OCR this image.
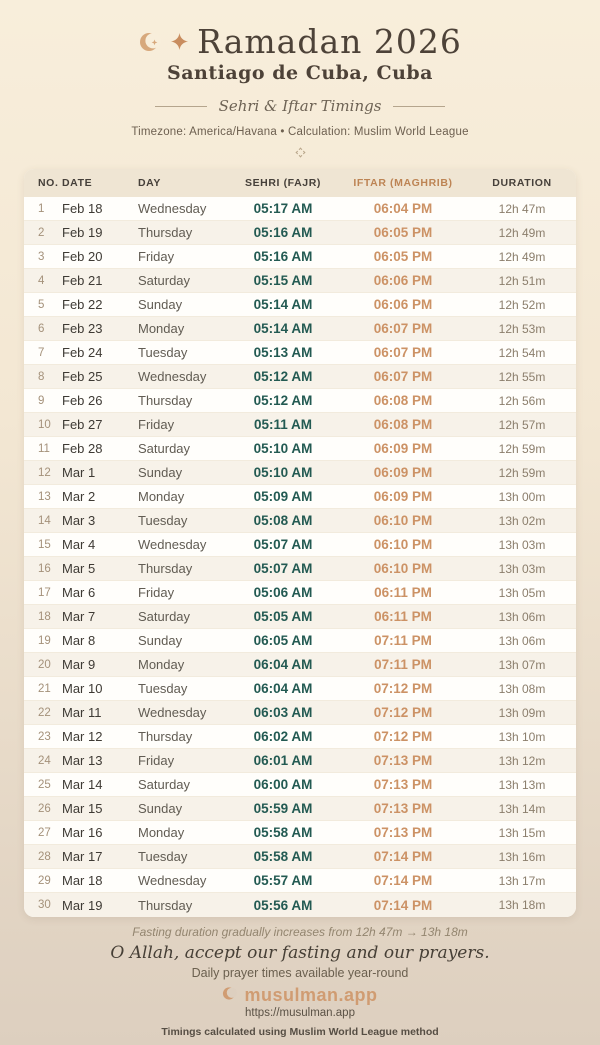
Ramadan 2026
Santiago de Cuba, Cuba
Sehri & Iftar Timings
Timezone: America/Havana • Calculation: Muslim World League
NO. DATE	DAY	SEHRI (FAJR)	IFTAR (MAGHRIB)	DURATION
1	Feb 18	Wednesday	05:17 AM	06:04 PM	12h 47m
2	Feb 19	Thursday	05:16 AM	06:05 PM	12h 49m
3	Feb 20	Friday	05:16 AM	06:05 PM	12h 49m
4	Feb 21	Saturday	05:15 AM	06:06 PM	12h 51m
5	Feb 22	Sunday	05:14 AM	06:06 PM	12h 52m
6	Feb 23	Monday	05:14 AM	06:07 PM	12h 53m
7	Feb 24	Tuesday	05:13 AM	06:07 PM	12h 54m
8	Feb 25	Wednesday	05:12 AM	06:07 PM	12h 55m
9	Feb 26	Thursday	05:12 AM	06:08 PM	12h 56m
10 Feb 27	Friday	05:11 AM	06:08 PM	12h 57m
11 Feb 28	Saturday	05:10 AM	06:09 PM	12h 59m
12 Mar 1	Sunday	05:10 AM	06:09 PM	12h 59m
13 Mar 2	Monday	05:09 AM	06:09 PM	13h 00m
14 Mar 3	Tuesday	05:08 AM	06:10 PM	13h 02m
15 Mar 4	Wednesday	05:07 AM	06:10 PM	13h 03m
16 Mar 5	Thursday	05:07 AM	06:10 PM	13h 03m
17 Mar 6	Friday	05:06 AM	06:11 PM	13h 05m
18 Mar 7	Saturday	05:05 AM	06:11 PM	13h 06m
19 Mar 8	Sunday	06:05 AM	07:11 PM	13h 06m
20 Mar 9	Monday	06:04 AM	07:11 PM	13h 07m
21 Mar 10	Tuesday	06:04 AM	07:12 PM	13h 08m
22 Mar 11	Wednesday	06:03 AM	07:12 PM	13h 09m
23 Mar 12	Thursday	06:02 AM	07:12 PM	13h 10m
24 Mar 13	Friday	06:01 AM	07:13 PM	13h 12m
25 Mar 14	Saturday	06:00 AM	07:13 PM	13h 13m
26 Mar 15	Sunday	05:59 AM	07:13 PM	13h 14m
27 Mar 16	Monday	05:58 AM	07:13 PM	13h 15m
28 Mar 17	Tuesday	05:58 AM	07:14 PM	13h 16m
29 Mar 18	Wednesday	05:57 AM	07:14 PM	13h 17m
30 Mar 19	Thursday	05:56 AM	07:14 PM	13h 18m
Fasting duration gradually increases from 12h 47m → 13h 18m
O Allah, accept our fasting and our prayers.
Daily prayer times available year-round
musulman.app
https://musulman.app
Timings calculated using Muslim World League method
